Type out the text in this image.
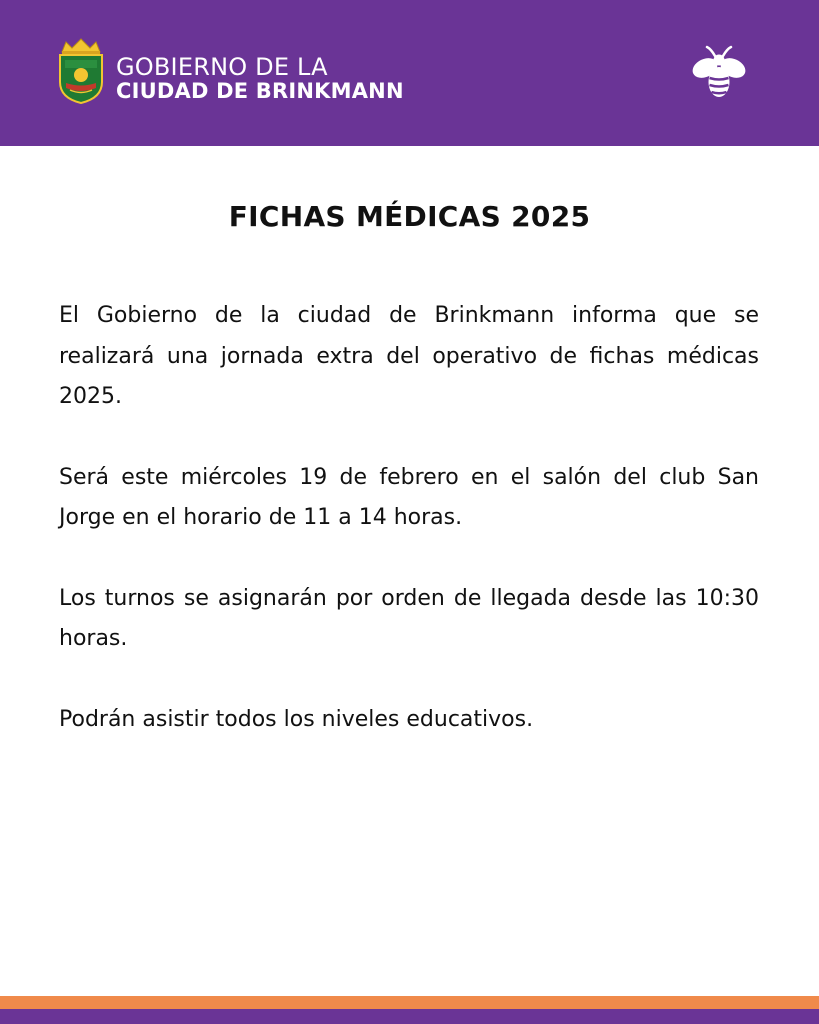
GOBIERNO DE LA
CIUDAD DE BRINKMANN
FICHAS MÉDICAS 2025

El Gobierno de la ciudad de Brinkmann informa que se realizará una jornada extra del operativo de fichas médicas 2025.

Será este miércoles 19 de febrero en el salón del club San Jorge en el horario de 11 a 14 horas.

Los turnos se asignarán por orden de llegada desde las 10:30 horas.

Podrán asistir todos los niveles educativos.
